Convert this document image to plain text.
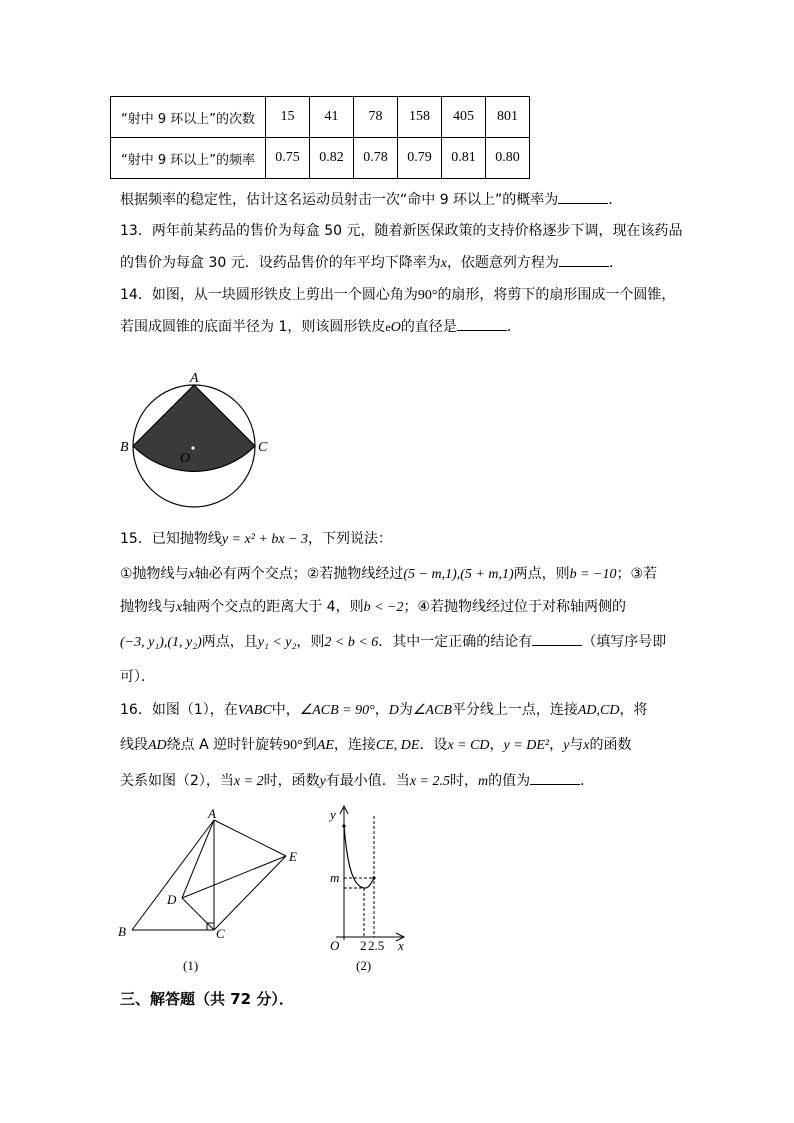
“射中 9 环以上”的次数	15	41	78	158	405	801
“射中 9 环以上”的频率	0.75	0.82	0.78	0.79	0.81	0.80
根据频率的稳定性，估计这名运动员射击一次“命中 9 环以上”的概率为	．
13．两年前某药品的售价为每盒 50 元，随着新医保政策的支持价格逐步下调，现在该药品
的售价为每盒 30 元．设药品售价的年平均下降率为x，依题意列方程为	．
14．如图，从一块圆形铁皮上剪出一个圆心角为90°的扇形，将剪下的扇形围成一个圆锥，
若围成圆锥的底面半径为 1，则该圆形铁皮eO的直径是	．
A
B	C
O
15．已知抛物线y = x² + bx − 3，下列说法：
①抛物线与x轴必有两个交点；②若抛物线经过(5 − m,1),(5 + m,1)两点，则b = −10；③若
抛物线与x轴两个交点的距离大于 4，则b < −2；④若抛物线经过位于对称轴两侧的
(−3, y₁),(1, y₂)两点，且y₁ < y₂，则2 < b < 6．其中一定正确的结论有	（填写序号即
可）．
16．如图（1），在VABC中，∠ACB = 90°，D为∠ACB平分线上一点，连接AD,CD，将
线段AD绕点 A 逆时针旋转90°到AE，连接CE, DE．设x = CD，y = DE²，y与x的函数
关系如图（2），当x = 2时，函数y有最小值．当x = 2.5时，m的值为	．
A
B	C
D
E
(1)
y
x
O
m
2 2.5
(2)
三、解答题（共 72 分）．
